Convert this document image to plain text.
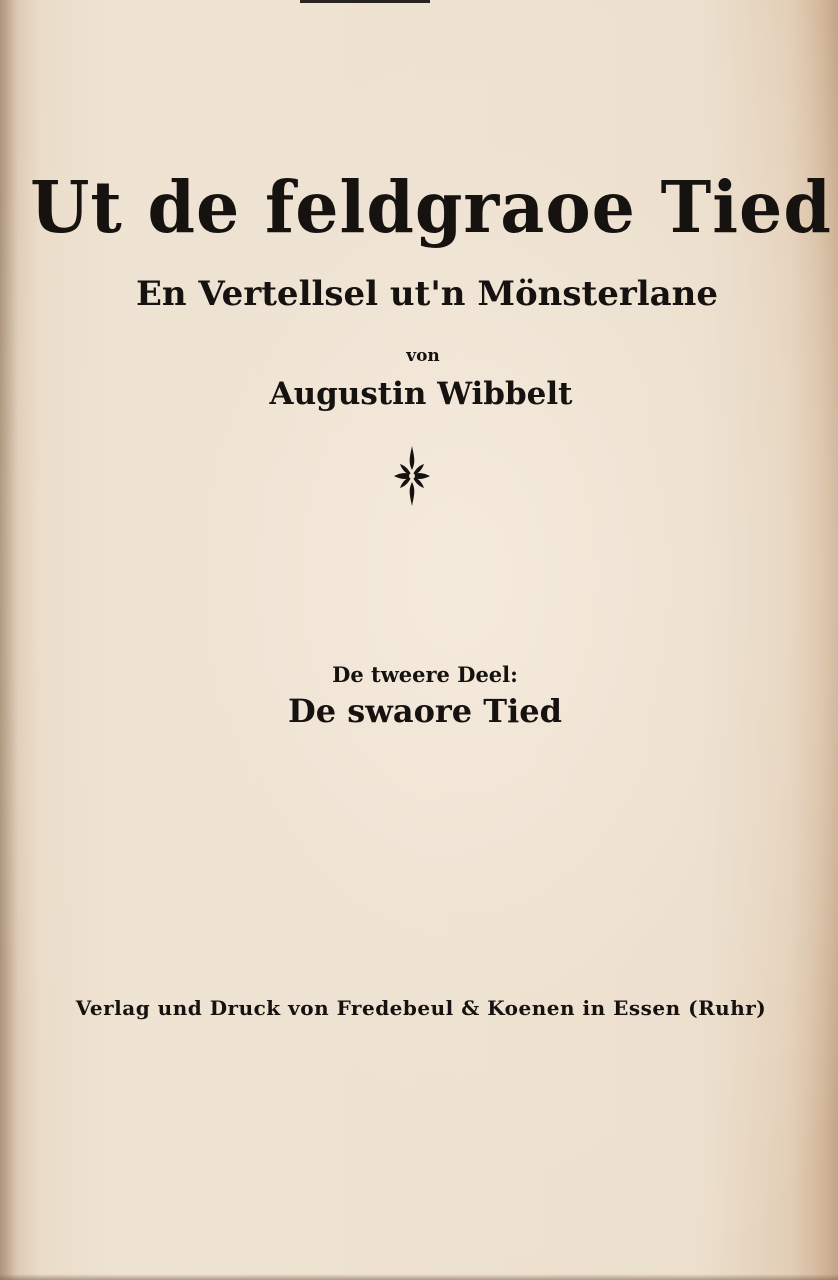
Ut de feldgraoe Tied
En Vertellsel ut'n Mönsterlane
von
Augustin Wibbelt
De tweere Deel:
De swaore Tied
Verlag und Druck von Fredebeul & Koenen in Essen (Ruhr)
